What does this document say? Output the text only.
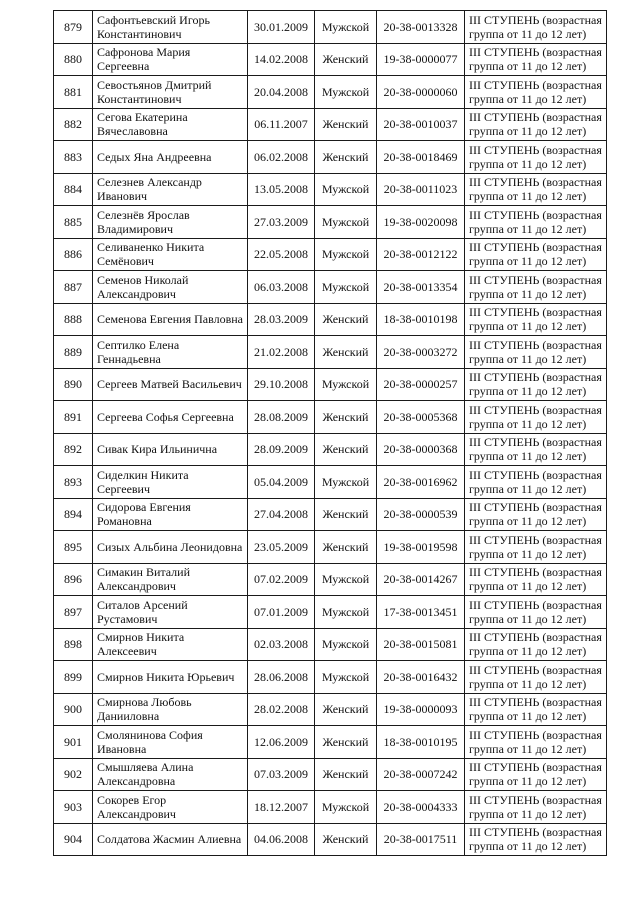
879	Сафонтьевский Игорь Константинович	30.01.2009	Мужской	20-38-0013328	III СТУПЕНЬ (возрастная группа от 11 до 12 лет)
880	Сафронова Мария Сергеевна	14.02.2008	Женский	19-38-0000077	III СТУПЕНЬ (возрастная группа от 11 до 12 лет)
881	Севостьянов Дмитрий Константинович	20.04.2008	Мужской	20-38-0000060	III СТУПЕНЬ (возрастная группа от 11 до 12 лет)
882	Сегова Екатерина Вячеславовна	06.11.2007	Женский	20-38-0010037	III СТУПЕНЬ (возрастная группа от 11 до 12 лет)
883	Седых Яна Андреевна	06.02.2008	Женский	20-38-0018469	III СТУПЕНЬ (возрастная группа от 11 до 12 лет)
884	Селезнев Александр Иванович	13.05.2008	Мужской	20-38-0011023	III СТУПЕНЬ (возрастная группа от 11 до 12 лет)
885	Селезнёв Ярослав Владимирович	27.03.2009	Мужской	19-38-0020098	III СТУПЕНЬ (возрастная группа от 11 до 12 лет)
886	Селиваненко Никита Семёнович	22.05.2008	Мужской	20-38-0012122	III СТУПЕНЬ (возрастная группа от 11 до 12 лет)
887	Семенов Николай Александрович	06.03.2008	Мужской	20-38-0013354	III СТУПЕНЬ (возрастная группа от 11 до 12 лет)
888	Семенова Евгения Павловна	28.03.2009	Женский	18-38-0010198	III СТУПЕНЬ (возрастная группа от 11 до 12 лет)
889	Септилко Елена Геннадьевна	21.02.2008	Женский	20-38-0003272	III СТУПЕНЬ (возрастная группа от 11 до 12 лет)
890	Сергеев Матвей Васильевич	29.10.2008	Мужской	20-38-0000257	III СТУПЕНЬ (возрастная группа от 11 до 12 лет)
891	Сергеева Софья Сергеевна	28.08.2009	Женский	20-38-0005368	III СТУПЕНЬ (возрастная группа от 11 до 12 лет)
892	Сивак Кира Ильинична	28.09.2009	Женский	20-38-0000368	III СТУПЕНЬ (возрастная группа от 11 до 12 лет)
893	Сиделкин Никита Сергеевич	05.04.2009	Мужской	20-38-0016962	III СТУПЕНЬ (возрастная группа от 11 до 12 лет)
894	Сидорова Евгения Романовна	27.04.2008	Женский	20-38-0000539	III СТУПЕНЬ (возрастная группа от 11 до 12 лет)
895	Сизых Альбина Леонидовна	23.05.2009	Женский	19-38-0019598	III СТУПЕНЬ (возрастная группа от 11 до 12 лет)
896	Симакин Виталий Александрович	07.02.2009	Мужской	20-38-0014267	III СТУПЕНЬ (возрастная группа от 11 до 12 лет)
897	Ситалов Арсений Рустамович	07.01.2009	Мужской	17-38-0013451	III СТУПЕНЬ (возрастная группа от 11 до 12 лет)
898	Смирнов Никита Алексеевич	02.03.2008	Мужской	20-38-0015081	III СТУПЕНЬ (возрастная группа от 11 до 12 лет)
899	Смирнов Никита Юрьевич	28.06.2008	Мужской	20-38-0016432	III СТУПЕНЬ (возрастная группа от 11 до 12 лет)
900	Смирнова Любовь Данииловна	28.02.2008	Женский	19-38-0000093	III СТУПЕНЬ (возрастная группа от 11 до 12 лет)
901	Смолянинова София Ивановна	12.06.2009	Женский	18-38-0010195	III СТУПЕНЬ (возрастная группа от 11 до 12 лет)
902	Смышляева Алина Александровна	07.03.2009	Женский	20-38-0007242	III СТУПЕНЬ (возрастная группа от 11 до 12 лет)
903	Сокорев Егор Александрович	18.12.2007	Мужской	20-38-0004333	III СТУПЕНЬ (возрастная группа от 11 до 12 лет)
904	Солдатова Жасмин Алиевна	04.06.2008	Женский	20-38-0017511	III СТУПЕНЬ (возрастная группа от 11 до 12 лет)
